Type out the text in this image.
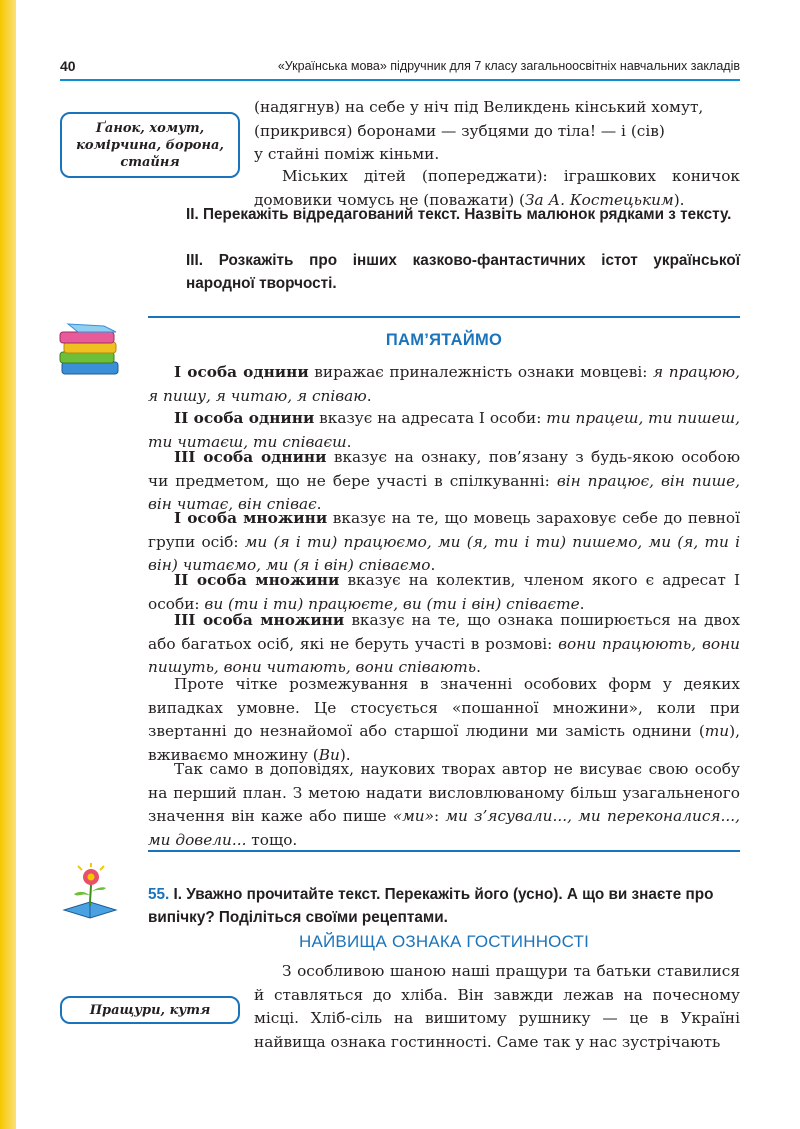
40	«Українська мова» підручник для 7 класу загальноосвітніх навчальних закладів
Ґанок, хомут, комірчина, борона, стайня
(надягнув) на себе у ніч під Великдень кінський хомут,
(прикрився) боронами — зубцями до тіла! — і (сів)
у стайні поміж кіньми.
Міських дітей (попереджати): іграшкових коничок домовики чомусь не (поважати) (За А. Костецьким).
II. Перекажіть відредагований текст. Назвіть малюнок рядками з тексту.
III. Розкажіть про інших казково-фантастичних істот української народної творчості.
ПАМ’ЯТАЙМО
I особа однини виражає приналежність ознаки мовцеві: я працюю, я пишу, я читаю, я співаю.
II особа однини вказує на адресата I особи: ти працеш, ти пишеш, ти читаєш, ти співаєш.
III особа однини вказує на ознаку, пов’язану з будь-якою особою чи предметом, що не бере участі в спілкуванні: він працює, він пише, він читає, він співає.
I особа множини вказує на те, що мовець зараховує себе до певної групи осіб: ми (я і ти) працюємо, ми (я, ти і ти) пишемо, ми (я, ти і він) читаємо, ми (я і він) співаємо.
II особа множини вказує на колектив, членом якого є адресат I особи: ви (ти і ти) працюєте, ви (ти і він) співаєте.
III особа множини вказує на те, що ознака поширюється на двох або багатьох осіб, які не беруть участі в розмові: вони працюють, вони пишуть, вони читають, вони співають.
Проте чітке розмежування в значенні особових форм у деяких випадках умовне. Це стосується «пошанної множини», коли при звертанні до незнайомої або старшої людини ми замість однини (ти), вживаємо множину (Ви).
Так само в доповідях, наукових творах автор не висуває свою особу на перший план. З метою надати висловлюваному більш узагальненого значення він каже або пише «ми»: ми з’ясували..., ми переконалися..., ми довели... тощо.
55. I. Уважно прочитайте текст. Перекажіть його (усно). А що ви знаєте про випічку? Поділіться своїми рецептами.
НАЙВИЩА ОЗНАКА ГОСТИННОСТІ
З особливою шаною наші пращури та батьки ставилися й ставляться до хліба. Він завжди лежав на почесному місці. Хліб-сіль на вишитому рушнику — це в Україні найвища ознака гостинності. Саме так у нас зустрічають
Пращури, кутя
